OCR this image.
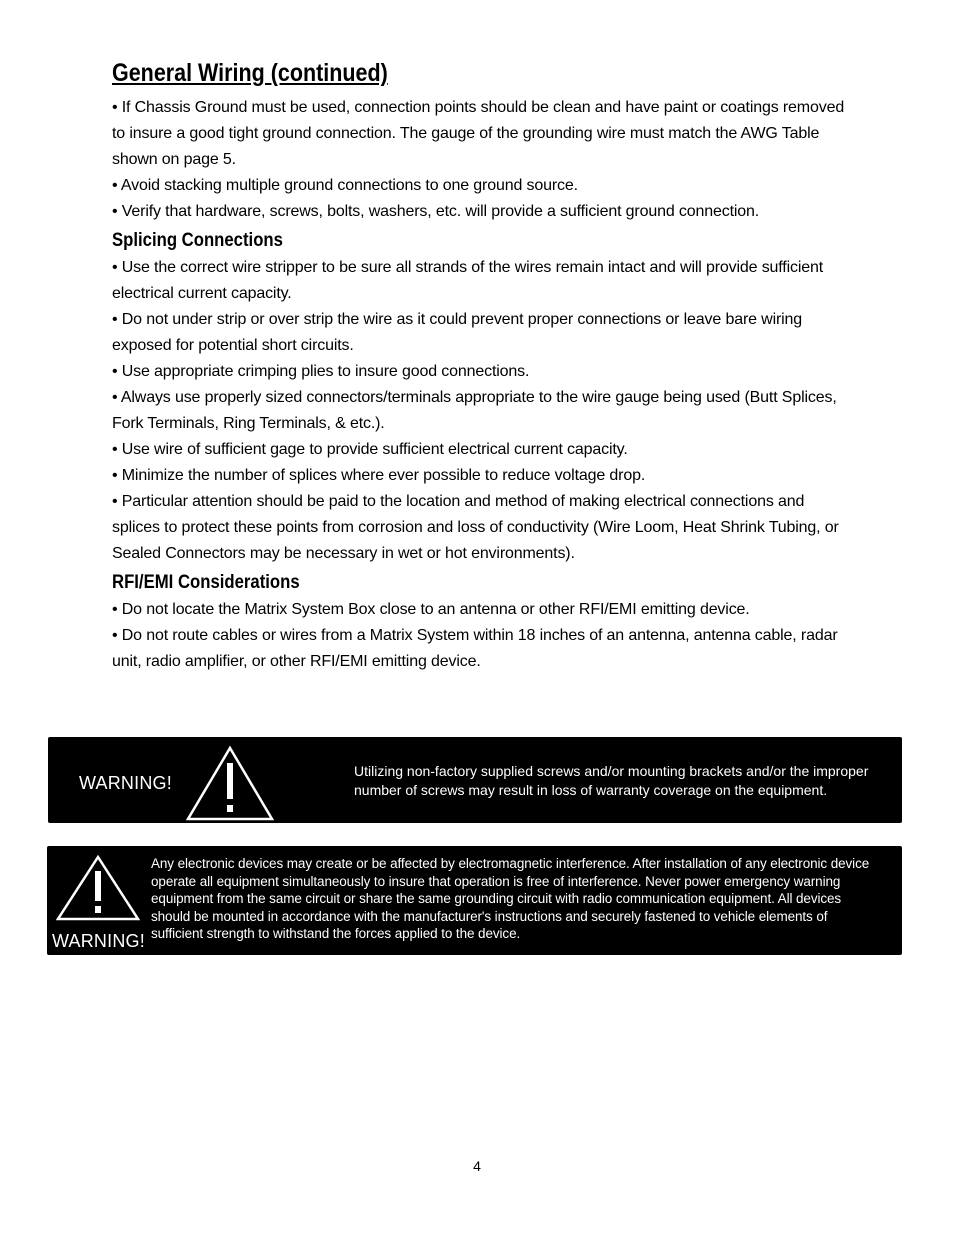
General Wiring (continued)

• If Chassis Ground must be used, connection points should be clean and have paint or coatings removed to insure a good tight ground connection. The gauge of the grounding wire must match the AWG Table shown on page 5.

• Avoid stacking multiple ground connections to one ground source.

• Verify that hardware, screws, bolts, washers, etc. will provide a sufficient ground connection.

Splicing Connections

• Use the correct wire stripper to be sure all strands of the wires remain intact and will provide sufficient electrical current capacity.

• Do not under strip or over strip the wire as it could prevent proper connections or leave bare wiring exposed for potential short circuits.

• Use appropriate crimping plies to insure good connections.

• Always use properly sized connectors/terminals appropriate to the wire gauge being used (Butt Splices, Fork Terminals, Ring Terminals, & etc.).

• Use wire of sufficient gage to provide sufficient electrical current capacity.

• Minimize the number of splices where ever possible to reduce voltage drop.

• Particular attention should be paid to the location and method of making electrical connections and splices to protect these points from corrosion and loss of conductivity (Wire Loom, Heat Shrink Tubing, or Sealed Connectors may be necessary in wet or hot environments).

RFI/EMI Considerations

• Do not locate the Matrix System Box close to an antenna or other RFI/EMI emitting device.

• Do not route cables or wires from a Matrix System within 18 inches of an antenna, antenna cable, radar unit, radio amplifier, or other RFI/EMI emitting device.

WARNING!
Utilizing non-factory supplied screws and/or mounting brackets and/or the improper number of screws may result in loss of warranty coverage on the equipment.
WARNING!
Any electronic devices may create or be affected by electromagnetic interference. After installation of any electronic device operate all equipment simultaneously to insure that operation is free of interference. Never power emergency warning equipment from the same circuit or share the same grounding circuit with radio communication equipment. All devices should be mounted in accordance with the manufacturer's instructions and securely fastened to vehicle elements of sufficient strength to withstand the forces applied to the device.
4
